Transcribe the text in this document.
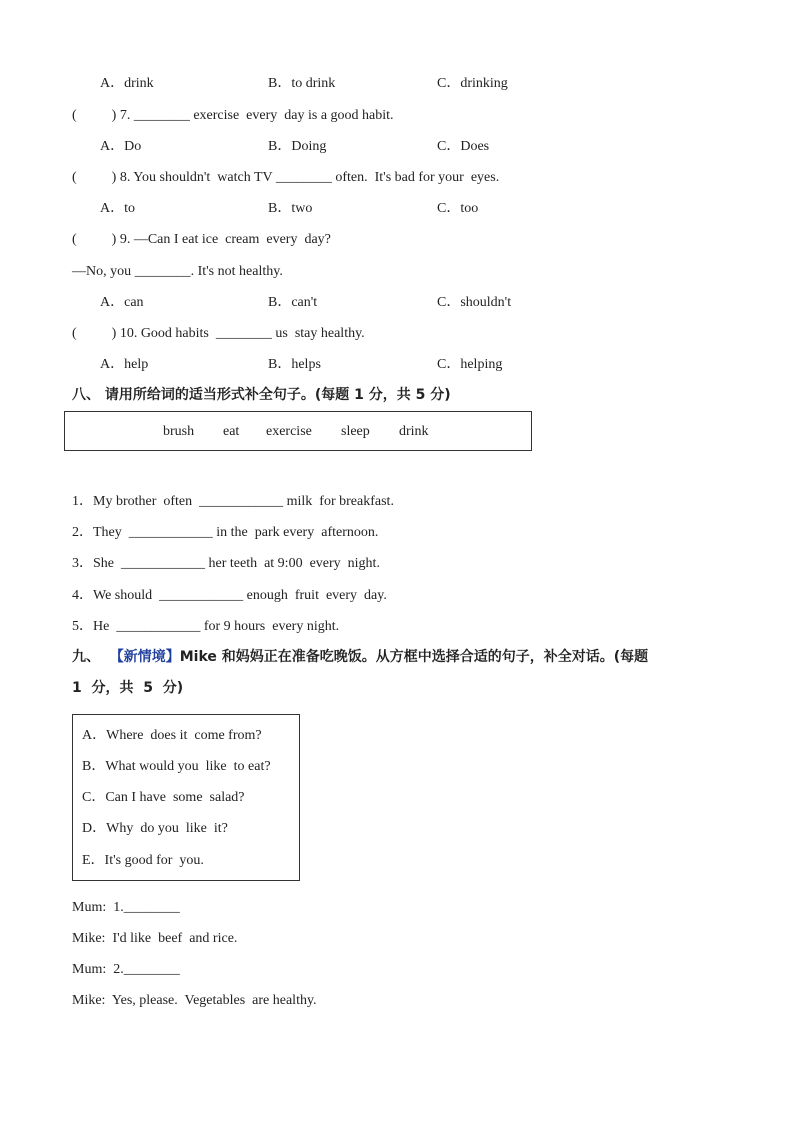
A．drink	B．to drink	C．drinking
(          ) 7. ________ exercise  every  day is a good habit.
A．Do	B．Doing	C．Does
(          ) 8. You shouldn't  watch TV ________ often.  It's bad for your  eyes.
A．to	B．two	C．too
(          ) 9. —Can I eat ice  cream  every  day?
—No, you ________. It's not healthy.
A．can	B．can't	C．shouldn't
(          ) 10. Good habits  ________ us  stay healthy.
A．help	B．helps	C．helping
八、 请用所给词的适当形式补全句子。(每题 1 分，共 5 分)
brush eat exercise sleep drink
1．My brother  often  ____________ milk  for breakfast.
2．They  ____________ in the  park every  afternoon.
3．She  ____________ her teeth  at 9:00  every  night.
4．We should  ____________ enough  fruit  every  day.
5．He  ____________ for 9 hours  every night.
九、 【新情境】Mike 和妈妈正在准备吃晚饭。从方框中选择合适的句子，补全对话。(每题
1  分，共  5  分)
A．Where  does it  come from?
B．What would you  like  to eat?
C．Can I have  some  salad?
D．Why  do you  like  it?
E．It's good for  you.
Mum:  1.________
Mike:  I'd like  beef  and rice.
Mum:  2.________
Mike:  Yes, please.  Vegetables  are healthy.
